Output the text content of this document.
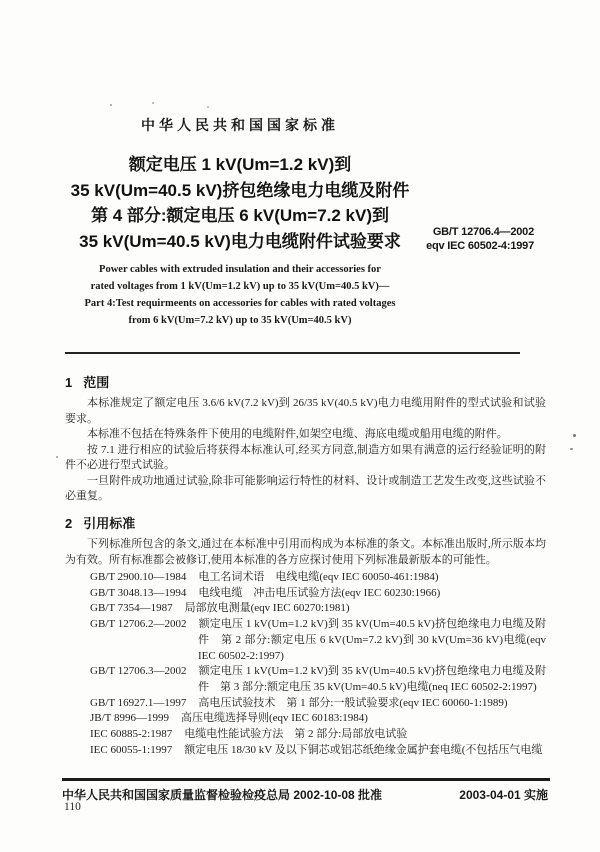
中华人民共和国国家标准
额定电压 1 kV(Um=1.2 kV)到
35 kV(Um=40.5 kV)挤包绝缘电力电缆及附件
第 4 部分:额定电压 6 kV(Um=7.2 kV)到
35 kV(Um=40.5 kV)电力电缆附件试验要求	GB/T 12706.4—2002
eqv IEC 60502-4:1997
Power cables with extruded insulation and their accessories for
rated voltages from 1 kV(Um=1.2 kV) up to 35 kV(Um=40.5 kV)—
Part 4:Test requirmeents on accessories for cables with rated voltages
from 6 kV(Um=7.2 kV) up to 35 kV(Um=40.5 kV)
1 范围

本标准规定了额定电压 3.6/6 kV(7.2 kV)到 26/35 kV(40.5 kV)电力电缆用附件的型式试验和试验要求。

本标准不包括在特殊条件下使用的电缆附件,如架空电缆、海底电缆或船用电缆的附件。

按 7.1 进行相应的试验后将获得本标准认可,经买方同意,制造方如果有满意的运行经验证明的附件不必进行型式试验。

一旦附件成功地通过试验,除非可能影响运行特性的材料、设计或制造工艺发生改变,这些试验不必重复。

2 引用标准
下列标准所包含的条文,通过在本标准中引用而构成为本标准的条文。本标准出版时,所示版本均为有效。所有标准都会被修订,使用本标准的各方应探讨使用下列标准最新版本的可能性。
GB/T 2900.10—1984 电工名词术语　电线电缆(eqv IEC 60050-461:1984)
GB/T 3048.13—1994 电线电缆　冲击电压试验方法(eqv IEC 60230:1966)
GB/T 7354—1987 局部放电测量(eqv IEC 60270:1981)
GB/T 12706.2—2002 额定电压 1 kV(Um=1.2 kV)到 35 kV(Um=40.5 kV)挤包绝缘电力电缆及附件　第 2 部分:额定电压 6 kV(Um=7.2 kV)到 30 kV(Um=36 kV)电缆(eqv IEC 60502-2:1997)
GB/T 12706.3—2002 额定电压 1 kV(Um=1.2 kV)到 35 kV(Um=40.5 kV)挤包绝缘电力电缆及附件　第 3 部分:额定电压 35 kV(Um=40.5 kV)电缆(neq IEC 60502-2:1997)
GB/T 16927.1—1997 高电压试验技术　第 1 部分:一般试验要求(eqv IEC 60060-1:1989)
JB/T 8996—1999 高压电缆选择导则(eqv IEC 60183:1984)
IEC 60885-2:1987 电缆电性能试验方法　第 2 部分:局部放电试验
IEC 60055-1:1997 额定电压 18/30 kV 及以下铜芯或铝芯纸绝缘金属护套电缆(不包括压气电缆
中华人民共和国国家质量监督检验检疫总局 2002-10-08 批准	2003-04-01 实施
110
